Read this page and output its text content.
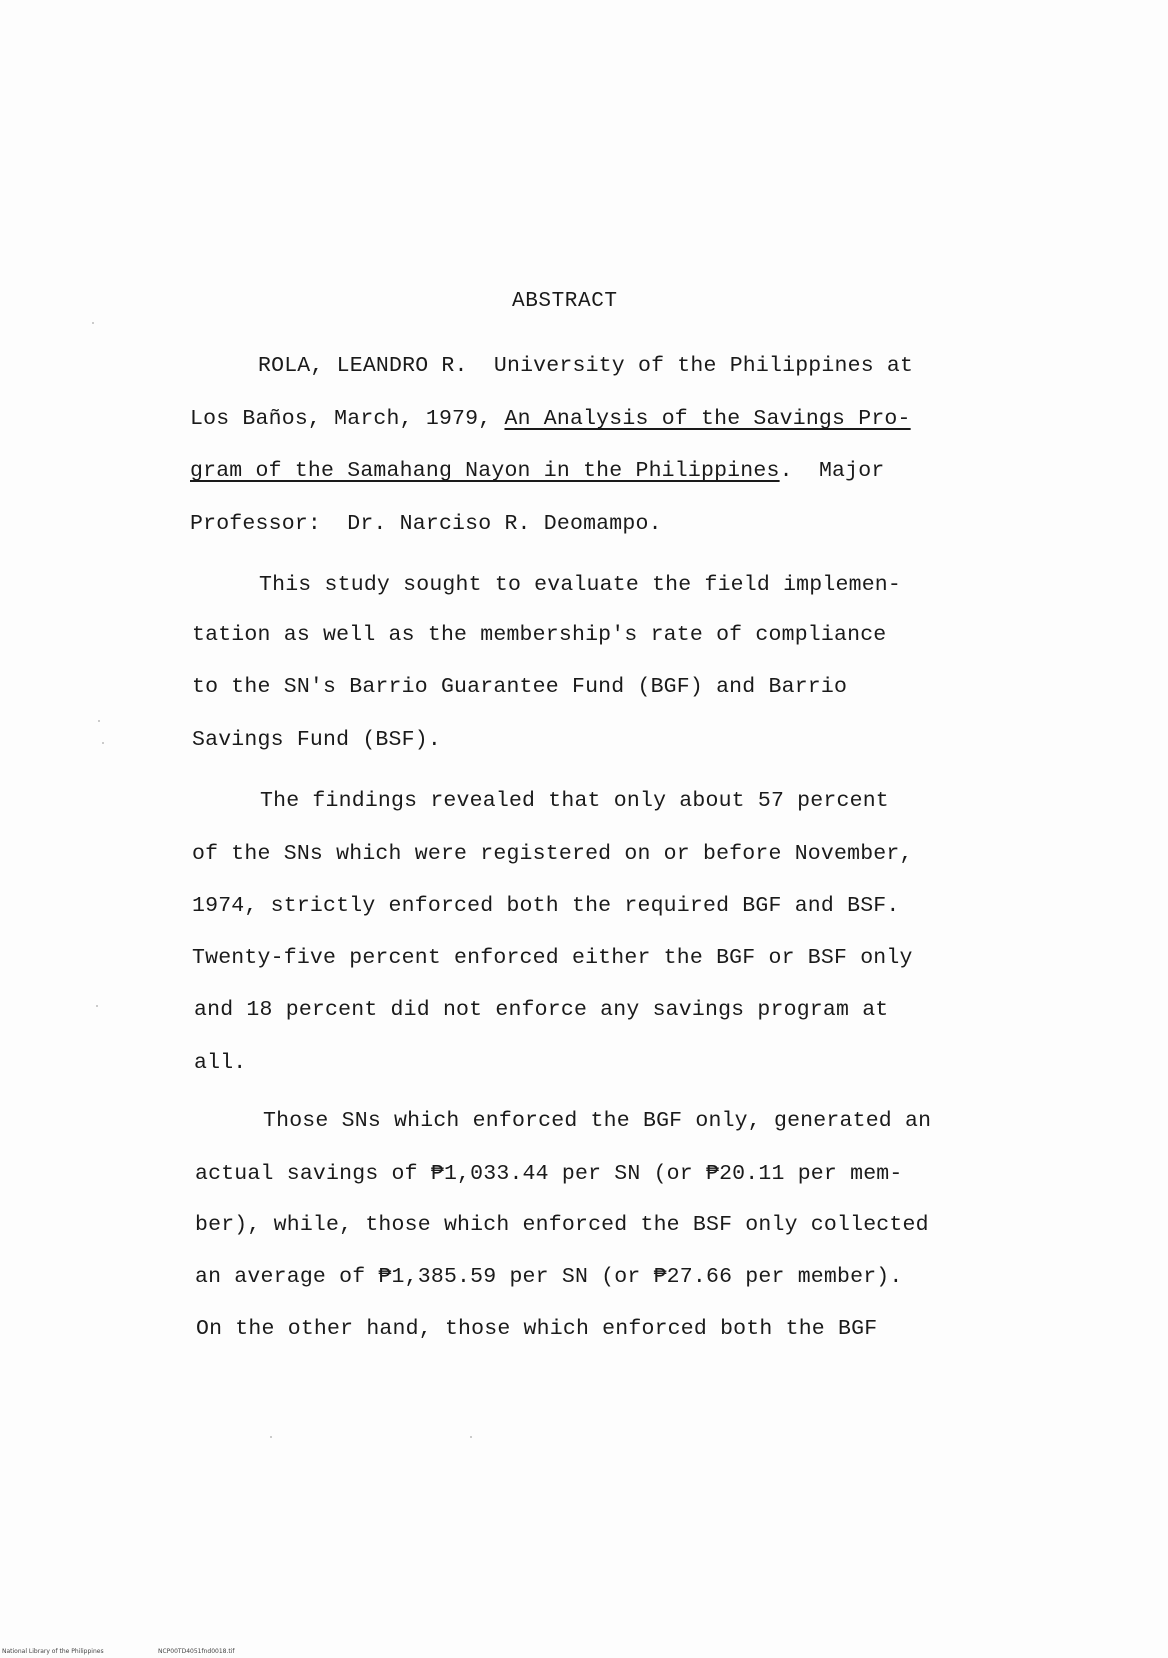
ABSTRACT
ROLA, LEANDRO R. University of the Philippines at
Los Baños, March, 1979, An Analysis of the Savings Pro-
gram of the Samahang Nayon in the Philippines. Major
Professor:  Dr. Narciso R. Deomampo.
This study sought to evaluate the field implemen-
tation as well as the membership's rate of compliance
to the SN's Barrio Guarantee Fund (BGF) and Barrio
Savings Fund (BSF).
The findings revealed that only about 57 percent
of the SNs which were registered on or before November,
1974, strictly enforced both the required BGF and BSF.
Twenty-five percent enforced either the BGF or BSF only
and 18 percent did not enforce any savings program at
all.
Those SNs which enforced the BGF only, generated an
actual savings of ₱1,033.44 per SN (or ₱20.11 per mem-
ber), while, those which enforced the BSF only collected
an average of ₱1,385.59 per SN (or ₱27.66 per member).
On the other hand, those which enforced both the BGF
National Library of the Philippines	NCP00TD4051fnd0018.tif
